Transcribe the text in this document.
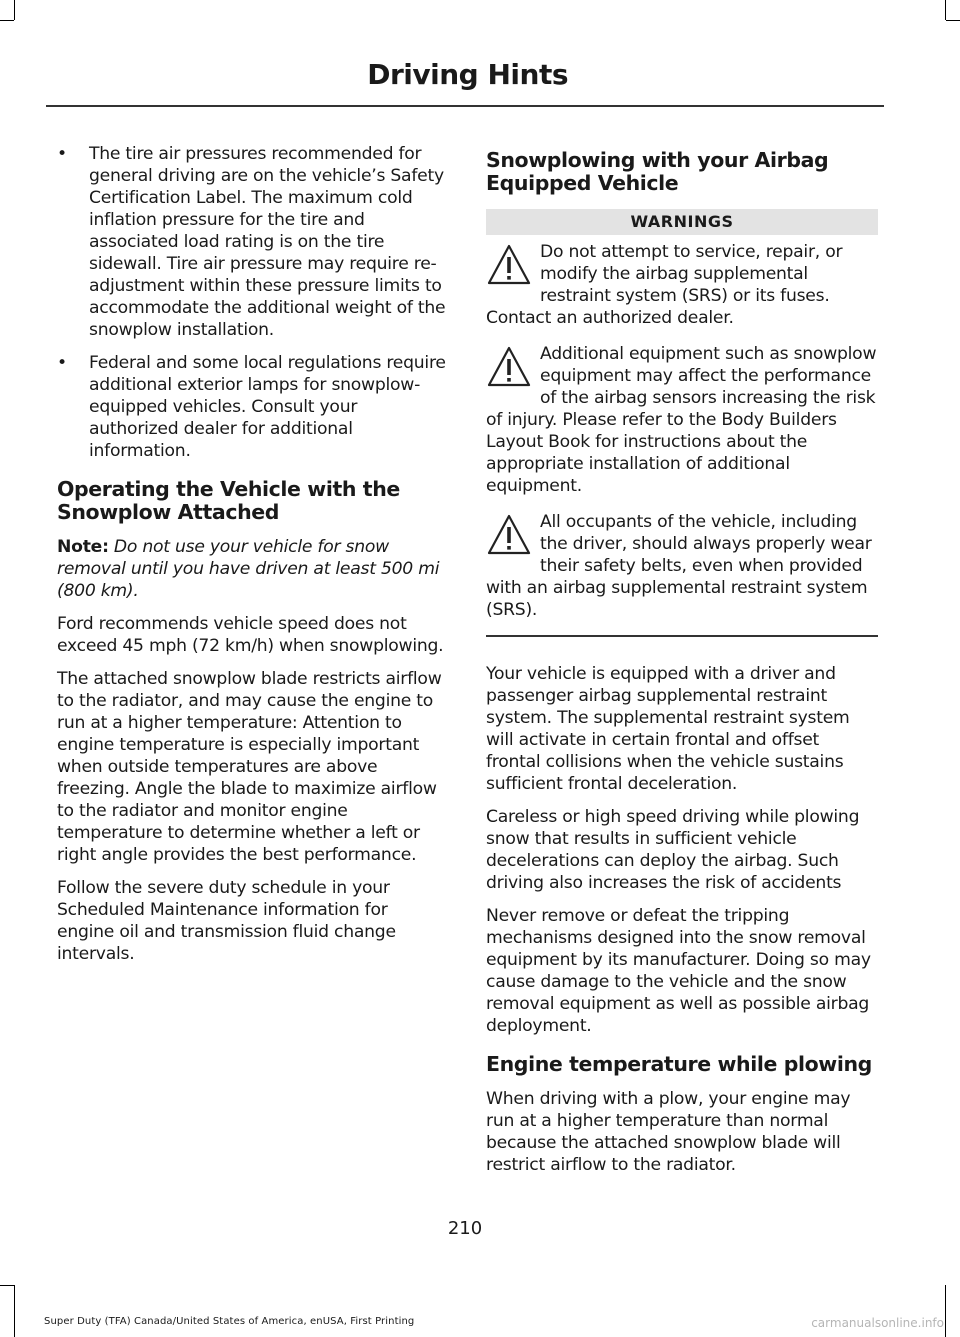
Driving Hints
• The tire air pressures recommended for general driving are on the vehicle’s Safety Certification Label. The maximum cold inflation pressure for the tire and associated load rating is on the tire sidewall. Tire air pressure may require re-adjustment within these pressure limits to accommodate the additional weight of the snowplow installation.
• Federal and some local regulations require additional exterior lamps for snowplow-equipped vehicles. Consult your authorized dealer for additional information.
Operating the Vehicle with the Snowplow Attached

Note: Do not use your vehicle for snow removal until you have driven at least 500 mi (800 km).

Ford recommends vehicle speed does not exceed 45 mph (72 km/h) when snowplowing.

The attached snowplow blade restricts airflow to the radiator, and may cause the engine to run at a higher temperature: Attention to engine temperature is especially important when outside temperatures are above freezing. Angle the blade to maximize airflow to the radiator and monitor engine temperature to determine whether a left or right angle provides the best performance.

Follow the severe duty schedule in your Scheduled Maintenance information for engine oil and transmission fluid change intervals.

Snowplowing with your Airbag Equipped Vehicle
WARNINGS
Do not attempt to service, repair, or modify the airbag supplemental restraint system (SRS) or its fuses. Contact an authorized dealer.
Additional equipment such as snowplow equipment may affect the performance of the airbag sensors increasing the risk of injury. Please refer to the Body Builders Layout Book for instructions about the appropriate installation of additional equipment.
All occupants of the vehicle, including the driver, should always properly wear their safety belts, even when provided with an airbag supplemental restraint system (SRS).

Your vehicle is equipped with a driver and passenger airbag supplemental restraint system. The supplemental restraint system will activate in certain frontal and offset frontal collisions when the vehicle sustains sufficient frontal deceleration.

Careless or high speed driving while plowing snow that results in sufficient vehicle decelerations can deploy the airbag. Such driving also increases the risk of accidents

Never remove or defeat the tripping mechanisms designed into the snow removal equipment by its manufacturer. Doing so may cause damage to the vehicle and the snow removal equipment as well as possible airbag deployment.

Engine temperature while plowing

When driving with a plow, your engine may run at a higher temperature than normal because the attached snowplow blade will restrict airflow to the radiator.

210
Super Duty (TFA) Canada/United States of America, enUSA, First Printing	carmanualsonline.info
